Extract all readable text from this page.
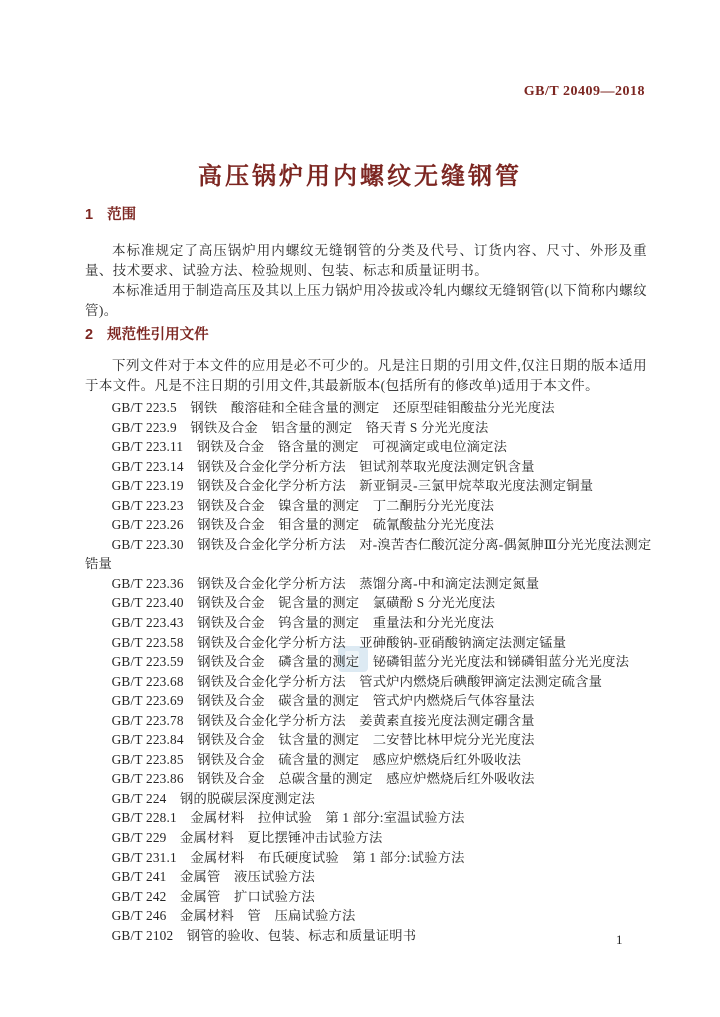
GB/T 20409—2018
高压锅炉用内螺纹无缝钢管
1 范围

本标准规定了高压锅炉用内螺纹无缝钢管的分类及代号、订货内容、尺寸、外形及重量、技术要求、试验方法、检验规则、包装、标志和质量证明书。

本标准适用于制造高压及其以上压力锅炉用冷拔或冷轧内螺纹无缝钢管(以下简称内螺纹管)。

2 规范性引用文件

下列文件对于本文件的应用是必不可少的。凡是注日期的引用文件,仅注日期的版本适用于本文件。凡是不注日期的引用文件,其最新版本(包括所有的修改单)适用于本文件。

GB/T 223.5　钢铁　酸溶硅和全硅含量的测定　还原型硅钼酸盐分光光度法

GB/T 223.9　钢铁及合金　铝含量的测定　铬天青 S 分光光度法

GB/T 223.11　钢铁及合金　铬含量的测定　可视滴定或电位滴定法

GB/T 223.14　钢铁及合金化学分析方法　钽试剂萃取光度法测定钒含量

GB/T 223.19　钢铁及合金化学分析方法　新亚铜灵-三氯甲烷萃取光度法测定铜量

GB/T 223.23　钢铁及合金　镍含量的测定　丁二酮肟分光光度法

GB/T 223.26　钢铁及合金　钼含量的测定　硫氰酸盐分光光度法

GB/T 223.30　钢铁及合金化学分析方法　对-溴苦杏仁酸沉淀分离-偶氮胂Ⅲ分光光度法测定锆量

GB/T 223.36　钢铁及合金化学分析方法　蒸馏分离-中和滴定法测定氮量

GB/T 223.40　钢铁及合金　铌含量的测定　氯磺酚 S 分光光度法

GB/T 223.43　钢铁及合金　钨含量的测定　重量法和分光光度法

GB/T 223.58　钢铁及合金化学分析方法　亚砷酸钠-亚硝酸钠滴定法测定锰量

GB/T 223.59　钢铁及合金　磷含量的测定　铋磷钼蓝分光光度法和锑磷钼蓝分光光度法

GB/T 223.68　钢铁及合金化学分析方法　管式炉内燃烧后碘酸钾滴定法测定硫含量

GB/T 223.69　钢铁及合金　碳含量的测定　管式炉内燃烧后气体容量法

GB/T 223.78　钢铁及合金化学分析方法　姜黄素直接光度法测定硼含量

GB/T 223.84　钢铁及合金　钛含量的测定　二安替比林甲烷分光光度法

GB/T 223.85　钢铁及合金　硫含量的测定　感应炉燃烧后红外吸收法

GB/T 223.86　钢铁及合金　总碳含量的测定　感应炉燃烧后红外吸收法

GB/T 224　钢的脱碳层深度测定法

GB/T 228.1　金属材料　拉伸试验　第 1 部分:室温试验方法

GB/T 229　金属材料　夏比摆锤冲击试验方法

GB/T 231.1　金属材料　布氏硬度试验　第 1 部分:试验方法

GB/T 241　金属管　液压试验方法

GB/T 242　金属管　扩口试验方法

GB/T 246　金属材料　管　压扁试验方法

GB/T 2102　钢管的验收、包装、标志和质量证明书	1
